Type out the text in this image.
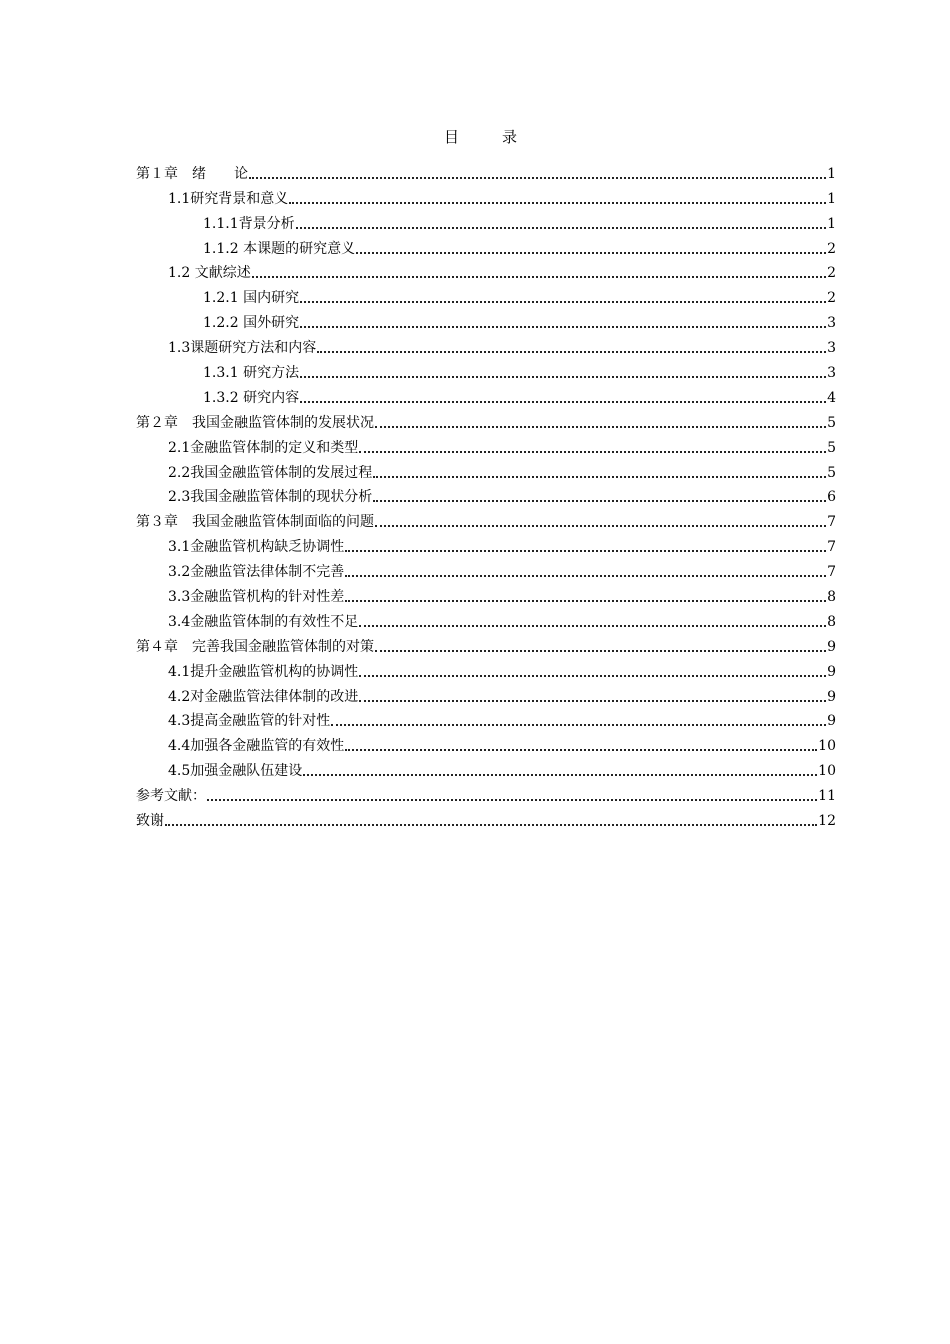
目　录
第１章　绪　　论	1
1.1研究背景和意义	1
1.1.1背景分析	1
1.1.2 本课题的研究意义	2
1.2 文献综述	2
1.2.1 国内研究	2
1.2.2 国外研究	3
1.3课题研究方法和内容	3
1.3.1 研究方法	3
1.3.2 研究内容	4
第２章　我国金融监管体制的发展状况	5
2.1金融监管体制的定义和类型	5
2.2我国金融监管体制的发展过程	5
2.3我国金融监管体制的现状分析	6
第３章　我国金融监管体制面临的问题	7
3.1金融监管机构缺乏协调性	7
3.2金融监管法律体制不完善	7
3.3金融监管机构的针对性差	8
3.4金融监管体制的有效性不足	8
第４章　完善我国金融监管体制的对策	9
4.1提升金融监管机构的协调性	9
4.2对金融监管法律体制的改进	9
4.3提高金融监管的针对性	9
4.4加强各金融监管的有效性	10
4.5加强金融队伍建设	10
参考文献：	11
致谢	12
